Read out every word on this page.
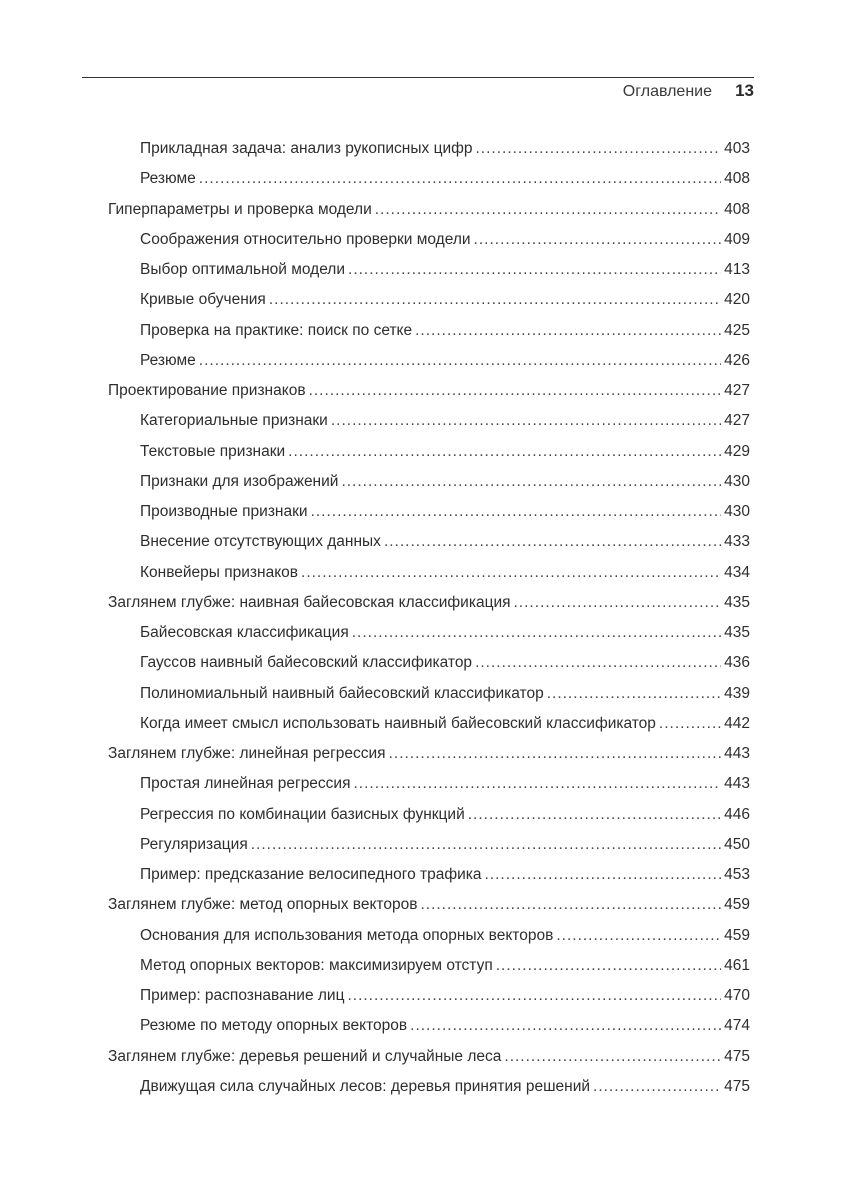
Оглавление 13
Прикладная задача: анализ рукописных цифр .....	403
Резюме .....	408
Гиперпараметры и проверка модели .....	408
Соображения относительно проверки модели .....	409
Выбор оптимальной модели .....	413
Кривые обучения .....	420
Проверка на практике: поиск по сетке .....	425
Резюме .....	426
Проектирование признаков .....	427
Категориальные признаки .....	427
Текстовые признаки .....	429
Признаки для изображений .....	430
Производные признаки .....	430
Внесение отсутствующих данных .....	433
Конвейеры признаков .....	434
Заглянем глубже: наивная байесовская классификация .....	435
Байесовская классификация .....	435
Гауссов наивный байесовский классификатор .....	436
Полиномиальный наивный байесовский классификатор .....	439
Когда имеет смысл использовать наивный байесовский классификатор .....	442
Заглянем глубже: линейная регрессия .....	443
Простая линейная регрессия .....	443
Регрессия по комбинации базисных функций .....	446
Регуляризация .....	450
Пример: предсказание велосипедного трафика .....	453
Заглянем глубже: метод опорных векторов .....	459
Основания для использования метода опорных векторов .....	459
Метод опорных векторов: максимизируем отступ .....	461
Пример: распознавание лиц .....	470
Резюме по методу опорных векторов .....	474
Заглянем глубже: деревья решений и случайные леса .....	475
Движущая сила случайных лесов: деревья принятия решений .....	475
